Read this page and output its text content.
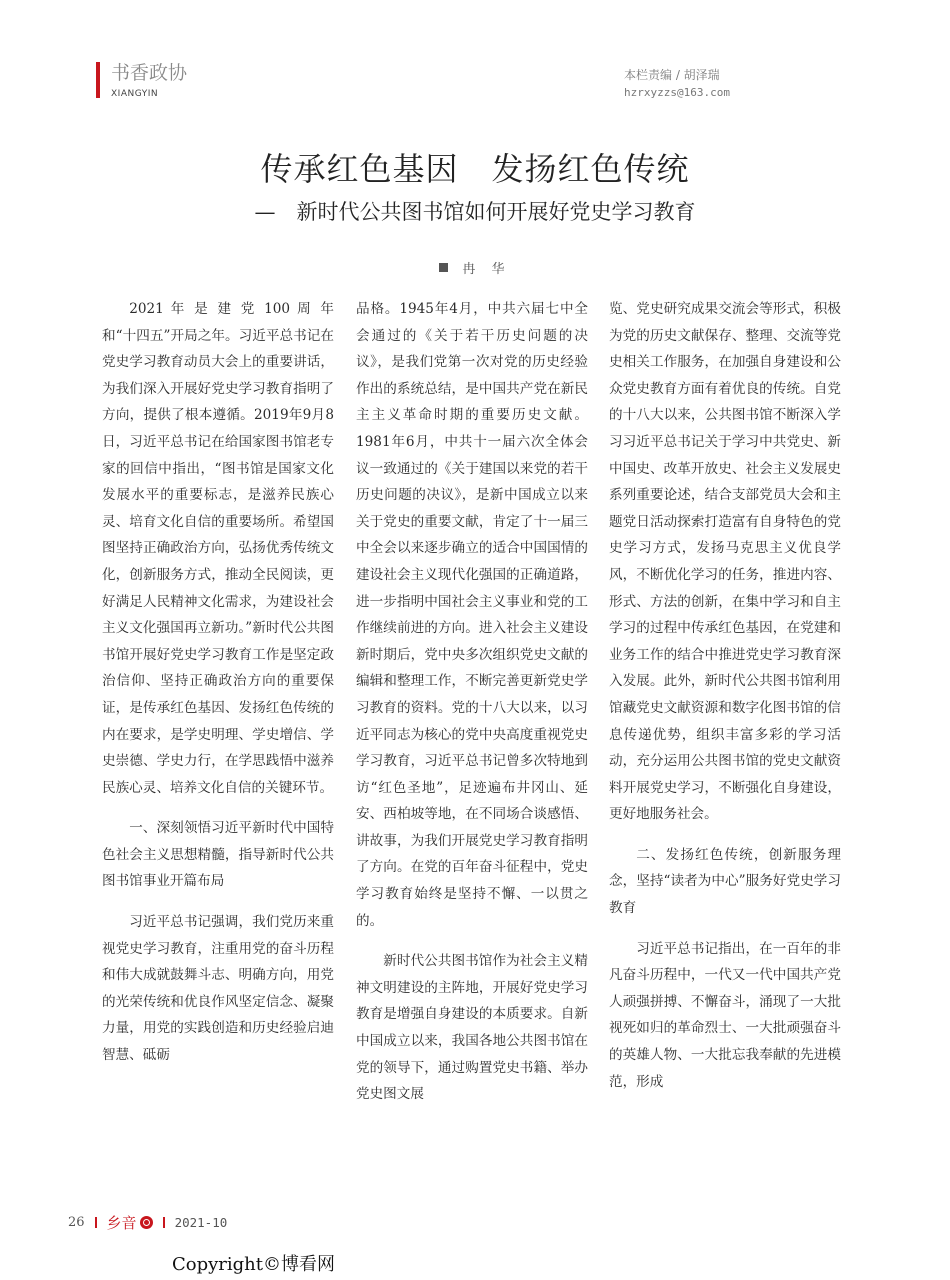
书香政协
XIANGYIN
本栏责编 / 胡泽瑞
hzrxyzzs@163.com
传承红色基因　发扬红色传统
—　新时代公共图书馆如何开展好党史学习教育
冉 华

2021 年 是 建 党 100 周 年 和“十四五”开局之年。习近平总书记在党史学习教育动员大会上的重要讲话，为我们深入开展好党史学习教育指明了方向，提供了根本遵循。2019年9月8日，习近平总书记在给国家图书馆老专家的回信中指出，“图书馆是国家文化发展水平的重要标志，是滋养民族心灵、培育文化自信的重要场所。希望国图坚持正确政治方向，弘扬优秀传统文化，创新服务方式，推动全民阅读，更好满足人民精神文化需求，为建设社会主义文化强国再立新功。”新时代公共图书馆开展好党史学习教育工作是坚定政治信仰、坚持正确政治方向的重要保证，是传承红色基因、发扬红色传统的内在要求，是学史明理、学史增信、学史崇德、学史力行，在学思践悟中滋养民族心灵、培养文化自信的关键环节。

一、深刻领悟习近平新时代中国特色社会主义思想精髓，指导新时代公共图书馆事业开篇布局

习近平总书记强调，我们党历来重视党史学习教育，注重用党的奋斗历程和伟大成就鼓舞斗志、明确方向，用党的光荣传统和优良作风坚定信念、凝聚力量，用党的实践创造和历史经验启迪智慧、砥砺

品格。1945年4月，中共六届七中全会通过的《关于若干历史问题的决议》，是我们党第一次对党的历史经验作出的系统总结，是中国共产党在新民主主义革命时期的重要历史文献。1981年6月，中共十一届六次全体会议一致通过的《关于建国以来党的若干历史问题的决议》，是新中国成立以来关于党史的重要文献，肯定了十一届三中全会以来逐步确立的适合中国国情的建设社会主义现代化强国的正确道路，进一步指明中国社会主义事业和党的工作继续前进的方向。进入社会主义建设新时期后，党中央多次组织党史文献的编辑和整理工作，不断完善更新党史学习教育的资料。党的十八大以来，以习近平同志为核心的党中央高度重视党史学习教育，习近平总书记曾多次特地到访“红色圣地”，足迹遍布井冈山、延安、西柏坡等地，在不同场合谈感悟、讲故事，为我们开展党史学习教育指明了方向。在党的百年奋斗征程中，党史学习教育始终是坚持不懈、一以贯之的。

新时代公共图书馆作为社会主义精神文明建设的主阵地，开展好党史学习教育是增强自身建设的本质要求。自新中国成立以来，我国各地公共图书馆在党的领导下，通过购置党史书籍、举办党史图文展

览、党史研究成果交流会等形式，积极为党的历史文献保存、整理、交流等党史相关工作服务，在加强自身建设和公众党史教育方面有着优良的传统。自党的十八大以来，公共图书馆不断深入学习习近平总书记关于学习中共党史、新中国史、改革开放史、社会主义发展史系列重要论述，结合支部党员大会和主题党日活动探索打造富有自身特色的党史学习方式，发扬马克思主义优良学风，不断优化学习的任务，推进内容、形式、方法的创新，在集中学习和自主学习的过程中传承红色基因，在党建和业务工作的结合中推进党史学习教育深入发展。此外，新时代公共图书馆利用馆藏党史文献资源和数字化图书馆的信息传递优势，组织丰富多彩的学习活动，充分运用公共图书馆的党史文献资料开展党史学习，不断强化自身建设，更好地服务社会。

二、发扬红色传统，创新服务理念，坚持“读者为中心”服务好党史学习教育

习近平总书记指出，在一百年的非凡奋斗历程中，一代又一代中国共产党人顽强拼搏、不懈奋斗，涌现了一大批视死如归的革命烈士、一大批顽强奋斗的英雄人物、一大批忘我奉献的先进模范，形成

26 乡音	2021-10
Copyright©博看网
